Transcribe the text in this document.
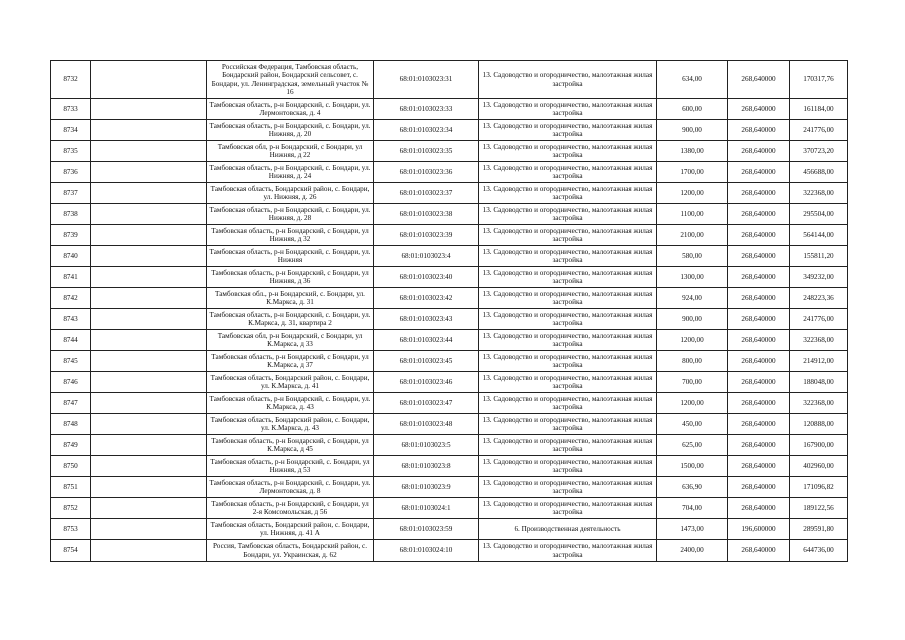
8732		Российская Федерация, Тамбовская область, Бондарский район, Бондарский сельсовет, с. Бондари, ул. Ленинградская, земельный участок № 16	68:01:0103023:31	13. Садоводство и огородничество, малоэтажная жилая застройка	634,00	268,640000	170317,76
8733		Тамбовская область, р-н Бондарский, с. Бондари, ул. Лермонтовская, д. 4	68:01:0103023:33	13. Садоводство и огородничество, малоэтажная жилая застройка	600,00	268,640000	161184,00
8734		Тамбовская область, р-н Бондарский, с. Бондари, ул. Нижняя, д. 20	68:01:0103023:34	13. Садоводство и огородничество, малоэтажная жилая застройка	900,00	268,640000	241776,00
8735		Тамбовская обл, р-н Бондарский, с Бондари, ул Нижняя, д 22	68:01:0103023:35	13. Садоводство и огородничество, малоэтажная жилая застройка	1380,00	268,640000	370723,20
8736		Тамбовская область, р-н Бондарский, с. Бондари, ул. Нижняя, д. 24	68:01:0103023:36	13. Садоводство и огородничество, малоэтажная жилая застройка	1700,00	268,640000	456688,00
8737		Тамбовская область, Бондарский район, с. Бондари, ул. Нижняя, д. 26	68:01:0103023:37	13. Садоводство и огородничество, малоэтажная жилая застройка	1200,00	268,640000	322368,00
8738		Тамбовская область, р-н Бондарский, с. Бондари, ул. Нижняя, д. 28	68:01:0103023:38	13. Садоводство и огородничество, малоэтажная жилая застройка	1100,00	268,640000	295504,00
8739		Тамбовская область, р-н Бондарский, с Бондари, ул Нижняя, д 32	68:01:0103023:39	13. Садоводство и огородничество, малоэтажная жилая застройка	2100,00	268,640000	564144,00
8740		Тамбовская область, р-н Бондарский, с. Бондари, ул. Нижняя	68:01:0103023:4	13. Садоводство и огородничество, малоэтажная жилая застройка	580,00	268,640000	155811,20
8741		Тамбовская область, р-н Бондарский, с Бондари, ул Нижняя, д 36	68:01:0103023:40	13. Садоводство и огородничество, малоэтажная жилая застройка	1300,00	268,640000	349232,00
8742		Тамбовская обл., р-н Бондарский, с. Бондари, ул. К.Маркса, д. 31	68:01:0103023:42	13. Садоводство и огородничество, малоэтажная жилая застройка	924,00	268,640000	248223,36
8743		Тамбовская область, р-н Бондарский, с. Бондари, ул. К.Маркса, д. 31, квартира 2	68:01:0103023:43	13. Садоводство и огородничество, малоэтажная жилая застройка	900,00	268,640000	241776,00
8744		Тамбовская обл, р-н Бондарский, с Бондари, ул К.Маркса, д 33	68:01:0103023:44	13. Садоводство и огородничество, малоэтажная жилая застройка	1200,00	268,640000	322368,00
8745		Тамбовская область, р-н Бондарский, с Бондари, ул К.Маркса, д 37	68:01:0103023:45	13. Садоводство и огородничество, малоэтажная жилая застройка	800,00	268,640000	214912,00
8746		Тамбовская область, Бондарский район, с. Бондари, ул. К.Маркса, д. 41	68:01:0103023:46	13. Садоводство и огородничество, малоэтажная жилая застройка	700,00	268,640000	188048,00
8747		Тамбовская область, р-н Бондарский, с. Бондари, ул. К.Маркса, д. 43	68:01:0103023:47	13. Садоводство и огородничество, малоэтажная жилая застройка	1200,00	268,640000	322368,00
8748		Тамбовская область, Бондарский район, с. Бондари, ул. К.Маркса, д. 43	68:01:0103023:48	13. Садоводство и огородничество, малоэтажная жилая застройка	450,00	268,640000	120888,00
8749		Тамбовская область, р-н Бондарский, с Бондари, ул К.Маркса, д 45	68:01:0103023:5	13. Садоводство и огородничество, малоэтажная жилая застройка	625,00	268,640000	167900,00
8750		Тамбовская область, р-н Бондарский, с. Бондари, ул Нижняя, д 53	68:01:0103023:8	13. Садоводство и огородничество, малоэтажная жилая застройка	1500,00	268,640000	402960,00
8751		Тамбовская область, р-н Бондарский, с. Бондари, ул. Лермонтовская, д. 8	68:01:0103023:9	13. Садоводство и огородничество, малоэтажная жилая застройка	636,90	268,640000	171096,82
8752		Тамбовская область, р-н Бондарский, с Бондари, ул 2-я Комсомольская, д 56	68:01:0103024:1	13. Садоводство и огородничество, малоэтажная жилая застройка	704,00	268,640000	189122,56
8753		Тамбовская область, Бондарский район, с. Бондари, ул. Нижняя, д. 41 А	68:01:0103023:59	6. Производственная деятельность	1473,00	196,600000	289591,80
8754		Россия, Тамбовская область, Бондарский район, с. Бондари, ул. Украинская, д. 62	68:01:0103024:10	13. Садоводство и огородничество, малоэтажная жилая застройка	2400,00	268,640000	644736,00
